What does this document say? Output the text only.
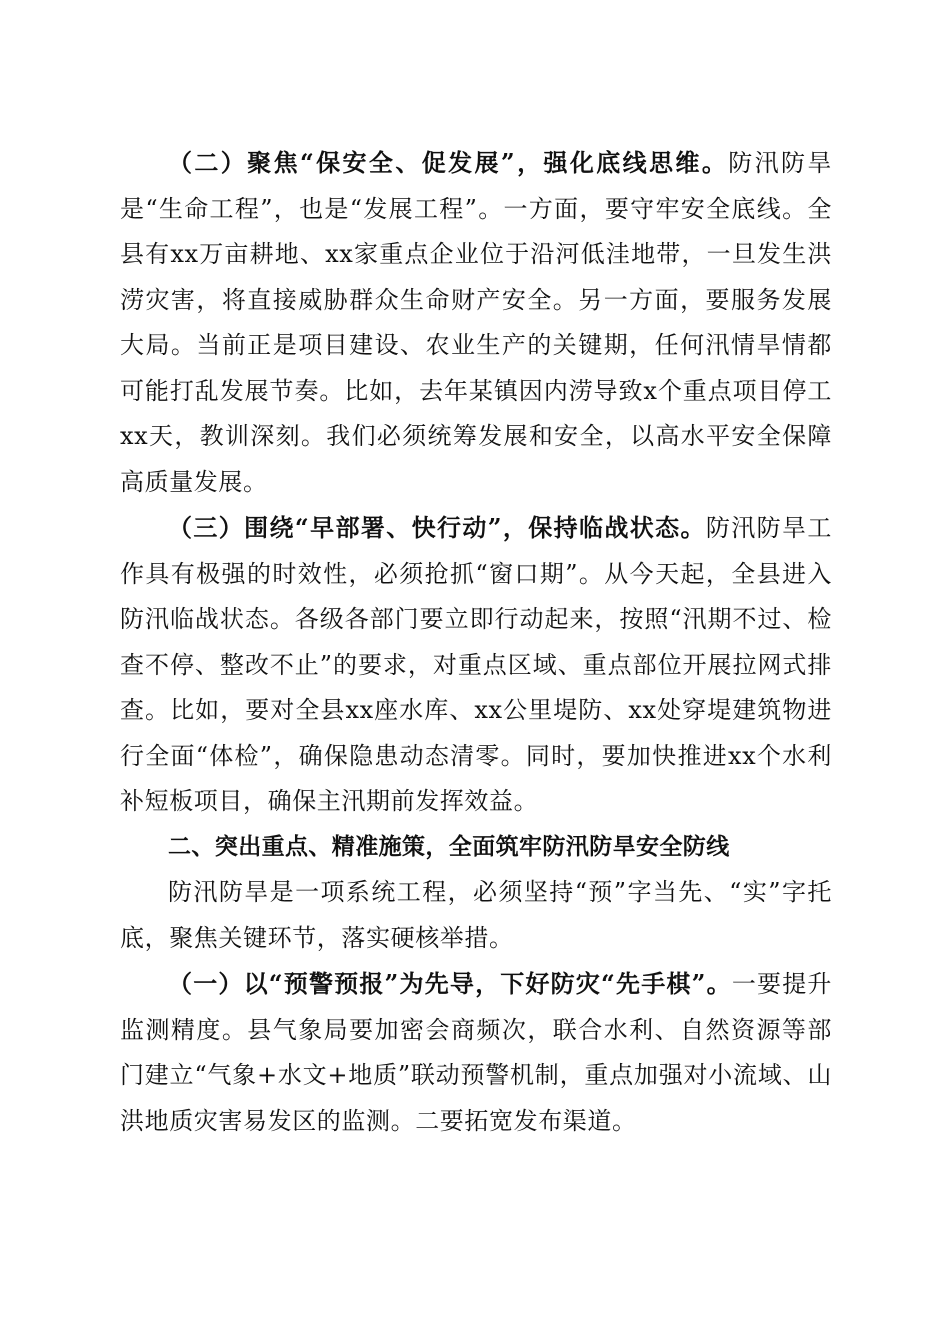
（二）聚焦“保安全、促发展”，强化底线思维。防汛防旱是“生命工程”，也是“发展工程”。一方面，要守牢安全底线。全县有xx万亩耕地、xx家重点企业位于沿河低洼地带，一旦发生洪涝灾害，将直接威胁群众生命财产安全。另一方面，要服务发展大局。当前正是项目建设、农业生产的关键期，任何汛情旱情都可能打乱发展节奏。比如，去年某镇因内涝导致x个重点项目停工xx天，教训深刻。我们必须统筹发展和安全，以高水平安全保障高质量发展。

（三）围绕“早部署、快行动”，保持临战状态。防汛防旱工作具有极强的时效性，必须抢抓“窗口期”。从今天起，全县进入防汛临战状态。各级各部门要立即行动起来，按照“汛期不过、检查不停、整改不止”的要求，对重点区域、重点部位开展拉网式排查。比如，要对全县xx座水库、xx公里堤防、xx处穿堤建筑物进行全面“体检”，确保隐患动态清零。同时，要加快推进xx个水利补短板项目，确保主汛期前发挥效益。

二、突出重点、精准施策，全面筑牢防汛防旱安全防线

防汛防旱是一项系统工程，必须坚持“预”字当先、“实”字托底，聚焦关键环节，落实硬核举措。

（一）以“预警预报”为先导，下好防灾“先手棋”。一要提升监测精度。县气象局要加密会商频次，联合水利、自然资源等部门建立“气象+水文+地质”联动预警机制，重点加强对小流域、山洪地质灾害易发区的监测。二要拓宽发布渠道。
